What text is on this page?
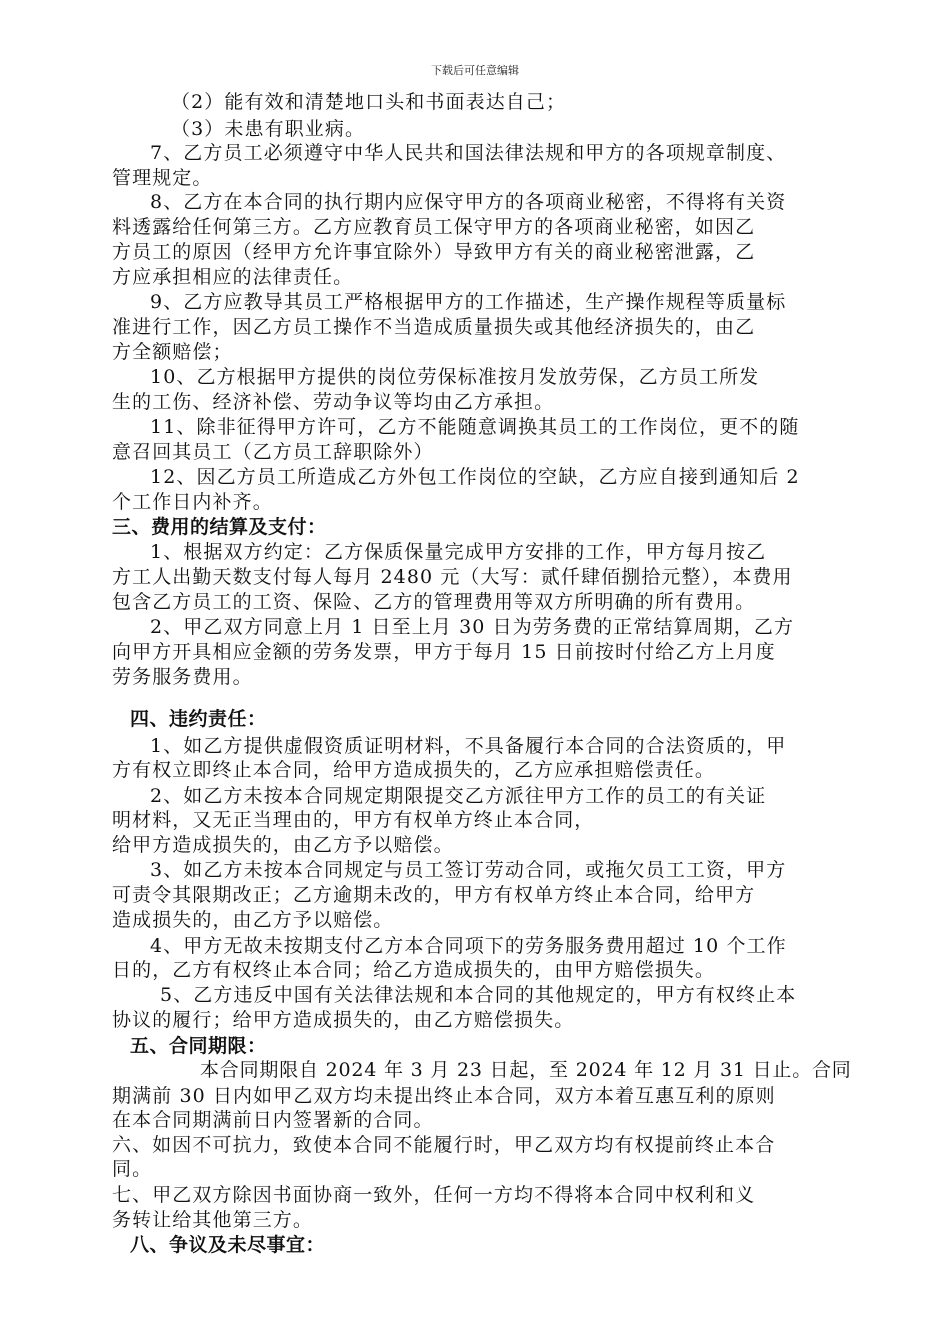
下载后可任意编辑
（2）能有效和清楚地口头和书面表达自己；
（3）未患有职业病。
7、乙方员工必须遵守中华人民共和国法律法规和甲方的各项规章制度、
管理规定。
8、乙方在本合同的执行期内应保守甲方的各项商业秘密，不得将有关资
料透露给任何第三方。乙方应教育员工保守甲方的各项商业秘密，如因乙
方员工的原因（经甲方允许事宜除外）导致甲方有关的商业秘密泄露，乙
方应承担相应的法律责任。
9、乙方应教导其员工严格根据甲方的工作描述，生产操作规程等质量标
准进行工作，因乙方员工操作不当造成质量损失或其他经济损失的，由乙
方全额赔偿；
10、乙方根据甲方提供的岗位劳保标准按月发放劳保，乙方员工所发
生的工伤、经济补偿、劳动争议等均由乙方承担。
11、除非征得甲方许可，乙方不能随意调换其员工的工作岗位，更不的随
意召回其员工（乙方员工辞职除外）
12、因乙方员工所造成乙方外包工作岗位的空缺，乙方应自接到通知后 2
个工作日内补齐。
三、费用的结算及支付：
1、根据双方约定：乙方保质保量完成甲方安排的工作，甲方每月按乙
方工人出勤天数支付每人每月 2480 元（大写：贰仟肆佰捌拾元整），本费用
包含乙方员工的工资、保险、乙方的管理费用等双方所明确的所有费用。
2、甲乙双方同意上月 1 日至上月 30 日为劳务费的正常结算周期，乙方
向甲方开具相应金额的劳务发票，甲方于每月 15 日前按时付给乙方上月度
劳务服务费用。
四、违约责任：
1、如乙方提供虚假资质证明材料，不具备履行本合同的合法资质的，甲
方有权立即终止本合同，给甲方造成损失的，乙方应承担赔偿责任。
2、如乙方未按本合同规定期限提交乙方派往甲方工作的员工的有关证
明材料，又无正当理由的，甲方有权单方终止本合同，
给甲方造成损失的，由乙方予以赔偿。
3、如乙方未按本合同规定与员工签订劳动合同，或拖欠员工工资，甲方
可责令其限期改正；乙方逾期未改的，甲方有权单方终止本合同，给甲方
造成损失的，由乙方予以赔偿。
4、甲方无故未按期支付乙方本合同项下的劳务服务费用超过 10 个工作
日的，乙方有权终止本合同；给乙方造成损失的，由甲方赔偿损失。
5、乙方违反中国有关法律法规和本合同的其他规定的，甲方有权终止本
协议的履行；给甲方造成损失的，由乙方赔偿损失。
五、合同期限：
本合同期限自 2024 年 3 月 23 日起，至 2024 年 12 月 31 日止。合同
期满前 30 日内如甲乙双方均未提出终止本合同，双方本着互惠互利的原则
在本合同期满前日内签署新的合同。
六、如因不可抗力，致使本合同不能履行时，甲乙双方均有权提前终止本合
同。
七、甲乙双方除因书面协商一致外，任何一方均不得将本合同中权利和义
务转让给其他第三方。
八、争议及未尽事宜：
